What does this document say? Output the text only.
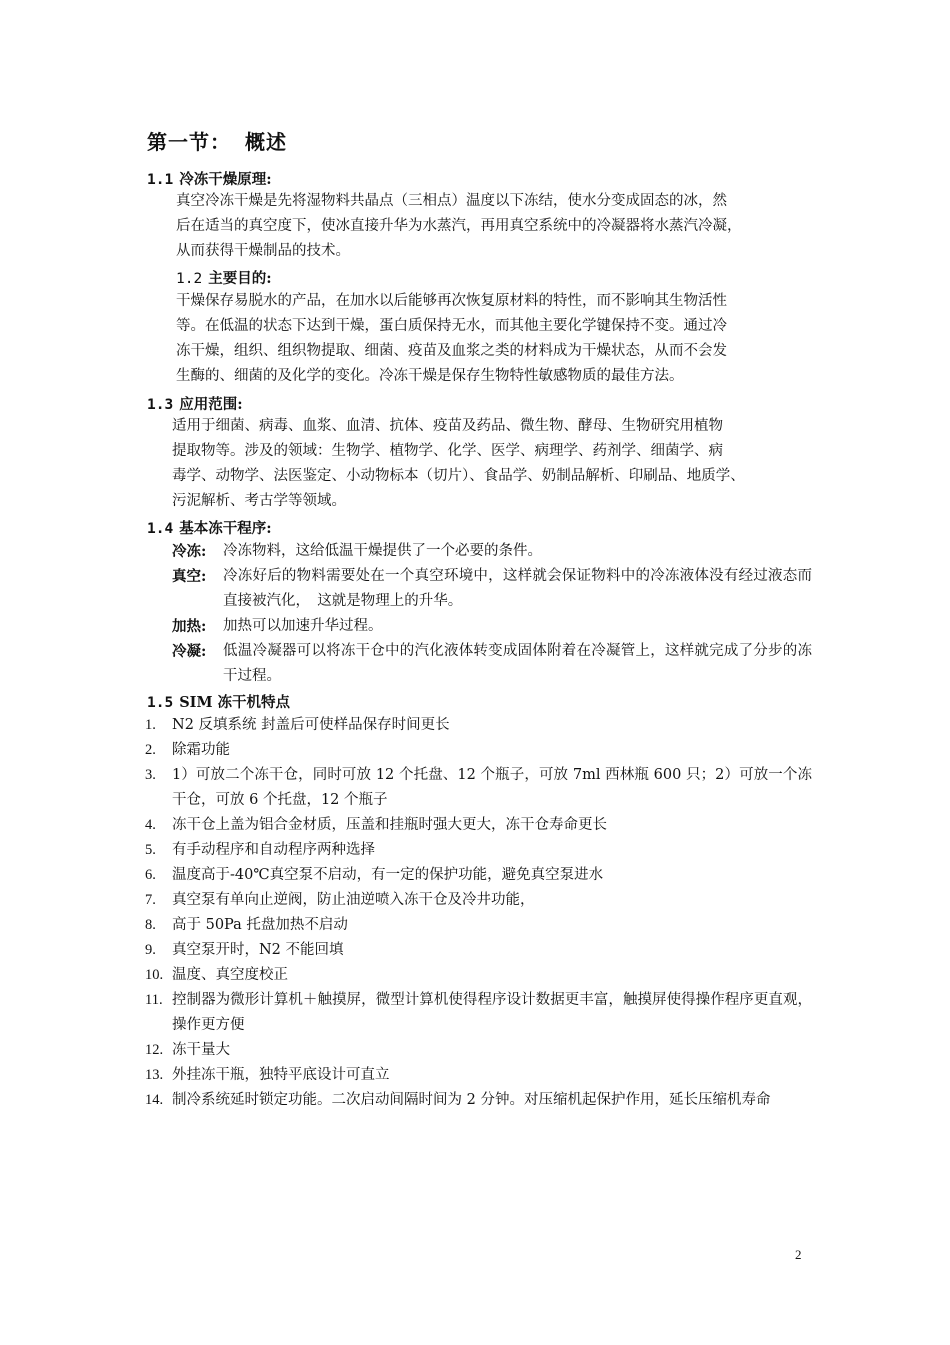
第一节： 概述
1.1 冷冻干燥原理:
真空冷冻干燥是先将湿物料共晶点（三相点）温度以下冻结，使水分变成固态的冰，然
后在适当的真空度下，使冰直接升华为水蒸汽，再用真空系统中的冷凝器将水蒸汽冷凝，
从而获得干燥制品的技术。
1.2 主要目的:
干燥保存易脱水的产品，在加水以后能够再次恢复原材料的特性，而不影响其生物活性
等。在低温的状态下达到干燥，蛋白质保持无水，而其他主要化学键保持不变。通过冷
冻干燥，组织、组织物提取、细菌、疫苗及血浆之类的材料成为干燥状态，从而不会发
生酶的、细菌的及化学的变化。冷冻干燥是保存生物特性敏感物质的最佳方法。
1.3 应用范围:
适用于细菌、病毒、血浆、血清、抗体、疫苗及药品、微生物、酵母、生物研究用植物
提取物等。涉及的领域：生物学、植物学、化学、医学、病理学、药剂学、细菌学、病
毒学、动物学、法医鉴定、小动物标本（切片）、食品学、奶制品解析、印刷品、地质学、
污泥解析、考古学等领域。
1.4 基本冻干程序:
冷冻:	冷冻物料，这给低温干燥提供了一个必要的条件。
真空:	冷冻好后的物料需要处在一个真空环境中，这样就会保证物料中的冷冻液体没有经过液态而直接被汽化，　这就是物理上的升华。
加热:	加热可以加速升华过程。
冷凝:	低温冷凝器可以将冻干仓中的汽化液体转变成固体附着在冷凝管上，这样就完成了分步的冻干过程。
1.5 SIM 冻干机特点
1.	N2 反填系统 封盖后可使样品保存时间更长
2.	除霜功能
3.	1）可放二个冻干仓，同时可放 12 个托盘、12 个瓶子，可放 7ml 西林瓶 600 只；2）可放一个冻干仓，可放 6 个托盘，12 个瓶子
4.	冻干仓上盖为铝合金材质，压盖和挂瓶时强大更大，冻干仓寿命更长
5.	有手动程序和自动程序两种选择
6.	温度高于-40℃真空泵不启动，有一定的保护功能，避免真空泵进水
7.	真空泵有单向止逆阀，防止油逆喷入冻干仓及冷井功能，
8.	高于 50Pa 托盘加热不启动
9.	真空泵开时，N2 不能回填
10. 温度、真空度校正
11. 控制器为微形计算机＋触摸屏，微型计算机使得程序设计数据更丰富，触摸屏使得操作程序更直观，操作更方便
12. 冻干量大
13. 外挂冻干瓶，独特平底设计可直立
14. 制冷系统延时锁定功能。二次启动间隔时间为 2 分钟。对压缩机起保护作用，延长压缩机寿命
2
